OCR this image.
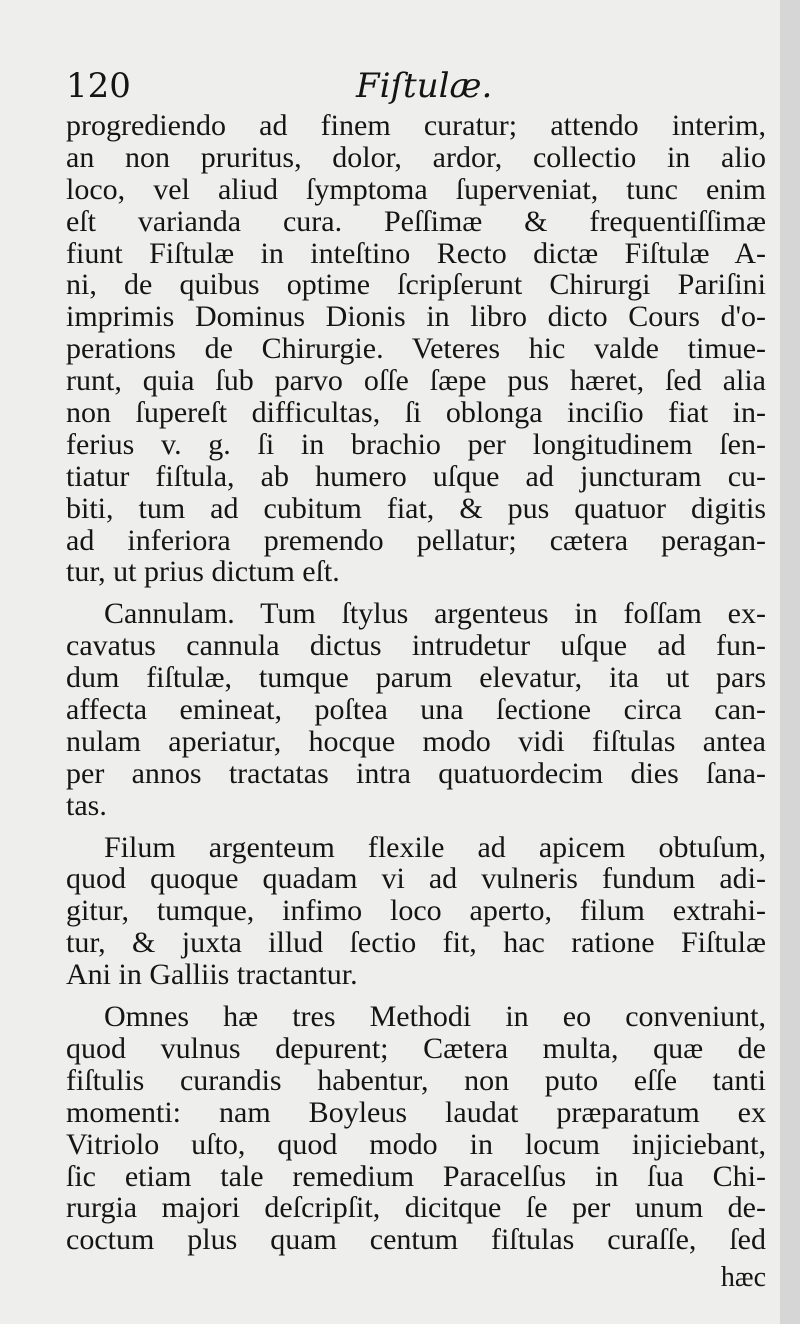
120	Fiſtulæ.
progrediendo ad finem curatur; attendo interim,
an non pruritus, dolor, ardor, collectio in alio
loco, vel aliud ſymptoma ſuperveniat, tunc enim
eſt varianda cura. Peſſimæ & frequentiſſimæ
fiunt Fiſtulæ in inteſtino Recto dictæ Fiſtulæ A-
ni, de quibus optime ſcripſerunt Chirurgi Pariſini
imprimis Dominus Dionis in libro dicto Cours d'o-
perations de Chirurgie. Veteres hic valde timue-
runt, quia ſub parvo oſſe ſæpe pus hæret, ſed alia
non ſupereſt difficultas, ſi oblonga inciſio fiat in-
ferius v. g. ſi in brachio per longitudinem ſen-
tiatur fiſtula, ab humero uſque ad juncturam cu-
biti, tum ad cubitum fiat, & pus quatuor digitis
ad inferiora premendo pellatur; cætera peragan-
tur, ut prius dictum eſt.
Cannulam. Tum ſtylus argenteus in foſſam ex-
cavatus cannula dictus intrudetur uſque ad fun-
dum fiſtulæ, tumque parum elevatur, ita ut pars
affecta emineat, poſtea una ſectione circa can-
nulam aperiatur, hocque modo vidi fiſtulas antea
per annos tractatas intra quatuordecim dies ſana-
tas.
Filum argenteum flexile ad apicem obtuſum,
quod quoque quadam vi ad vulneris fundum adi-
gitur, tumque, infimo loco aperto, filum extrahi-
tur, & juxta illud ſectio fit, hac ratione Fiſtulæ
Ani in Galliis tractantur.
Omnes hæ tres Methodi in eo conveniunt,
quod vulnus depurent; Cætera multa, quæ de
fiſtulis curandis habentur, non puto eſſe tanti
momenti: nam Boyleus laudat præparatum ex
Vitriolo uſto, quod modo in locum injiciebant,
ſic etiam tale remedium Paracelſus in ſua Chi-
rurgia majori deſcripſit, dicitque ſe per unum de-
coctum plus quam centum fiſtulas curaſſe, ſed
hæc
